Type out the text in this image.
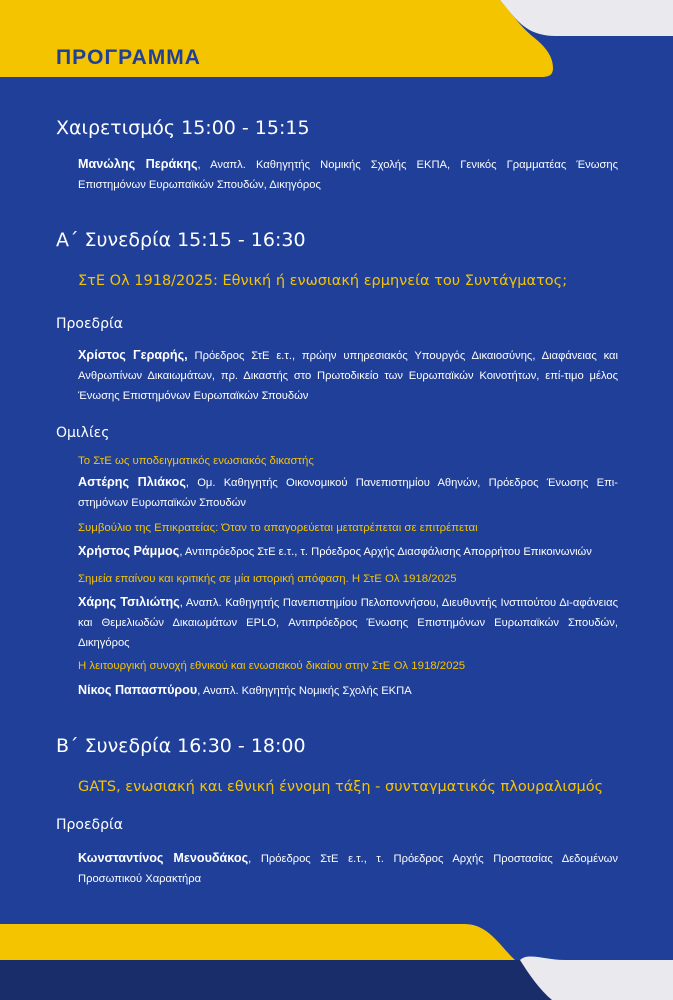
ΠΡΟΓΡΑΜΜΑ
Χαιρετισμός 15:00 - 15:15
Μανώλης Περάκης, Αναπλ. Καθηγητής Νομικής Σχολής ΕΚΠΑ, Γενικός Γραμματέας Ένωσης Επιστημόνων Ευρωπαϊκών Σπουδών, Δικηγόρος
Α΄ Συνεδρία 15:15 - 16:30
ΣτΕ Ολ 1918/2025: Εθνική ή ενωσιακή ερμηνεία του Συντάγματος;
Προεδρία
Χρίστος Γεραρής, Πρόεδρος ΣτΕ ε.τ., πρώην υπηρεσιακός Υπουργός Δικαιοσύνης, Διαφάνειας και Ανθρωπίνων Δικαιωμάτων, πρ. Δικαστής στο Πρωτοδικείο των Ευρωπαϊκών Κοινοτήτων, επί-τιμο μέλος Ένωσης Επιστημόνων Ευρωπαϊκών Σπουδών
Ομιλίες
Το ΣτΕ ως υποδειγματικός ενωσιακός δικαστής
Αστέρης Πλιάκος, Ομ. Καθηγητής Οικονομικού Πανεπιστημίου Αθηνών, Πρόεδρος Ένωσης Επι-στημόνων Ευρωπαϊκών Σπουδών
Συμβούλιο της Επικρατείας: Όταν το απαγορεύεται μετατρέπεται σε επιτρέπεται
Χρήστος Ράμμος, Αντιπρόεδρος ΣτΕ ε.τ., τ. Πρόεδρος Αρχής Διασφάλισης Απορρήτου Επικοινωνιών
Σημεία επαίνου και κριτικής σε μία ιστορική απόφαση. Η ΣτΕ Ολ 1918/2025
Χάρης Τσιλιώτης, Αναπλ. Καθηγητής Πανεπιστημίου Πελοποννήσου, Διευθυντής Ινστιτούτου Δι-αφάνειας και Θεμελιωδών Δικαιωμάτων EPLO, Αντιπρόεδρος Ένωσης Επιστημόνων Ευρωπαϊκών Σπουδών, Δικηγόρος
Η λειτουργική συνοχή εθνικού και ενωσιακού δικαίου στην ΣτΕ Ολ 1918/2025
Νίκος Παπασπύρου, Αναπλ. Καθηγητής Νομικής Σχολής ΕΚΠΑ
Β΄ Συνεδρία 16:30 - 18:00
GATS, ενωσιακή και εθνική έννομη τάξη - συνταγματικός πλουραλισμός
Προεδρία
Κωνσταντίνος Μενουδάκος, Πρόεδρος ΣτΕ ε.τ., τ. Πρόεδρος Αρχής Προστασίας Δεδομένων Προσωπικού Χαρακτήρα
